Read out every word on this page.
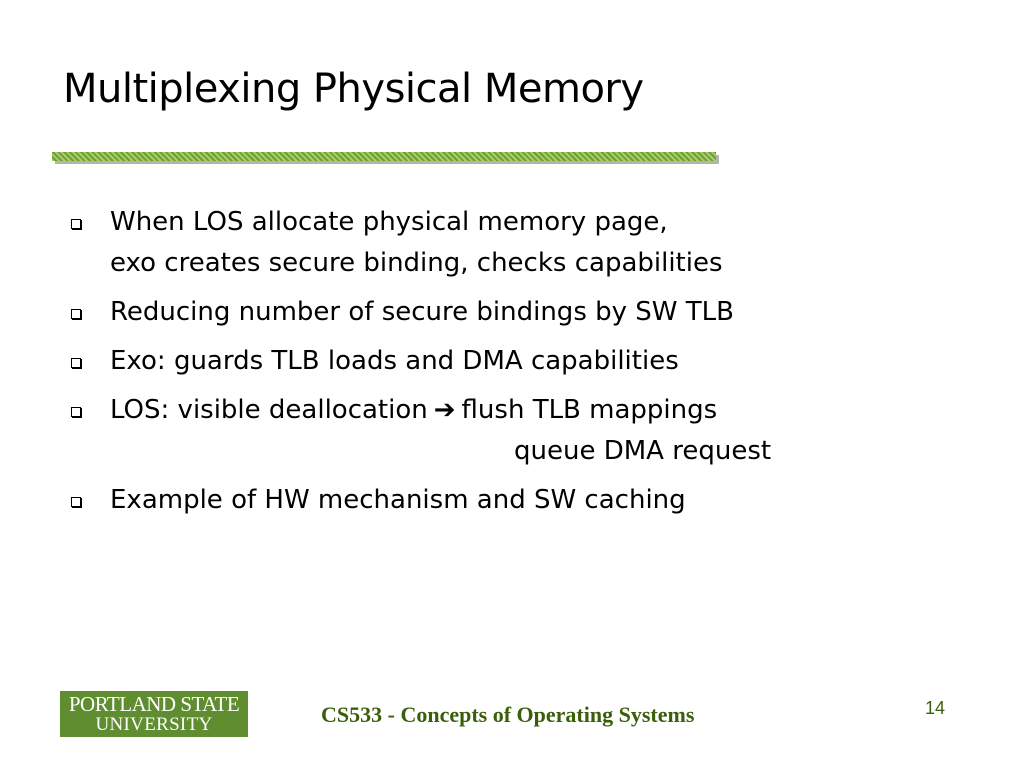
Multiplexing Physical Memory
When LOS allocate physical memory page,
exo creates secure binding, checks capabilities
Reducing number of secure bindings by SW TLB
Exo: guards TLB loads and DMA capabilities
LOS: visible deallocation ➔ flush TLB mappings
queue DMA request
Example of HW mechanism and SW caching
PORTLAND STATE
UNIVERSITY	CS533 - Concepts of Operating Systems	14
